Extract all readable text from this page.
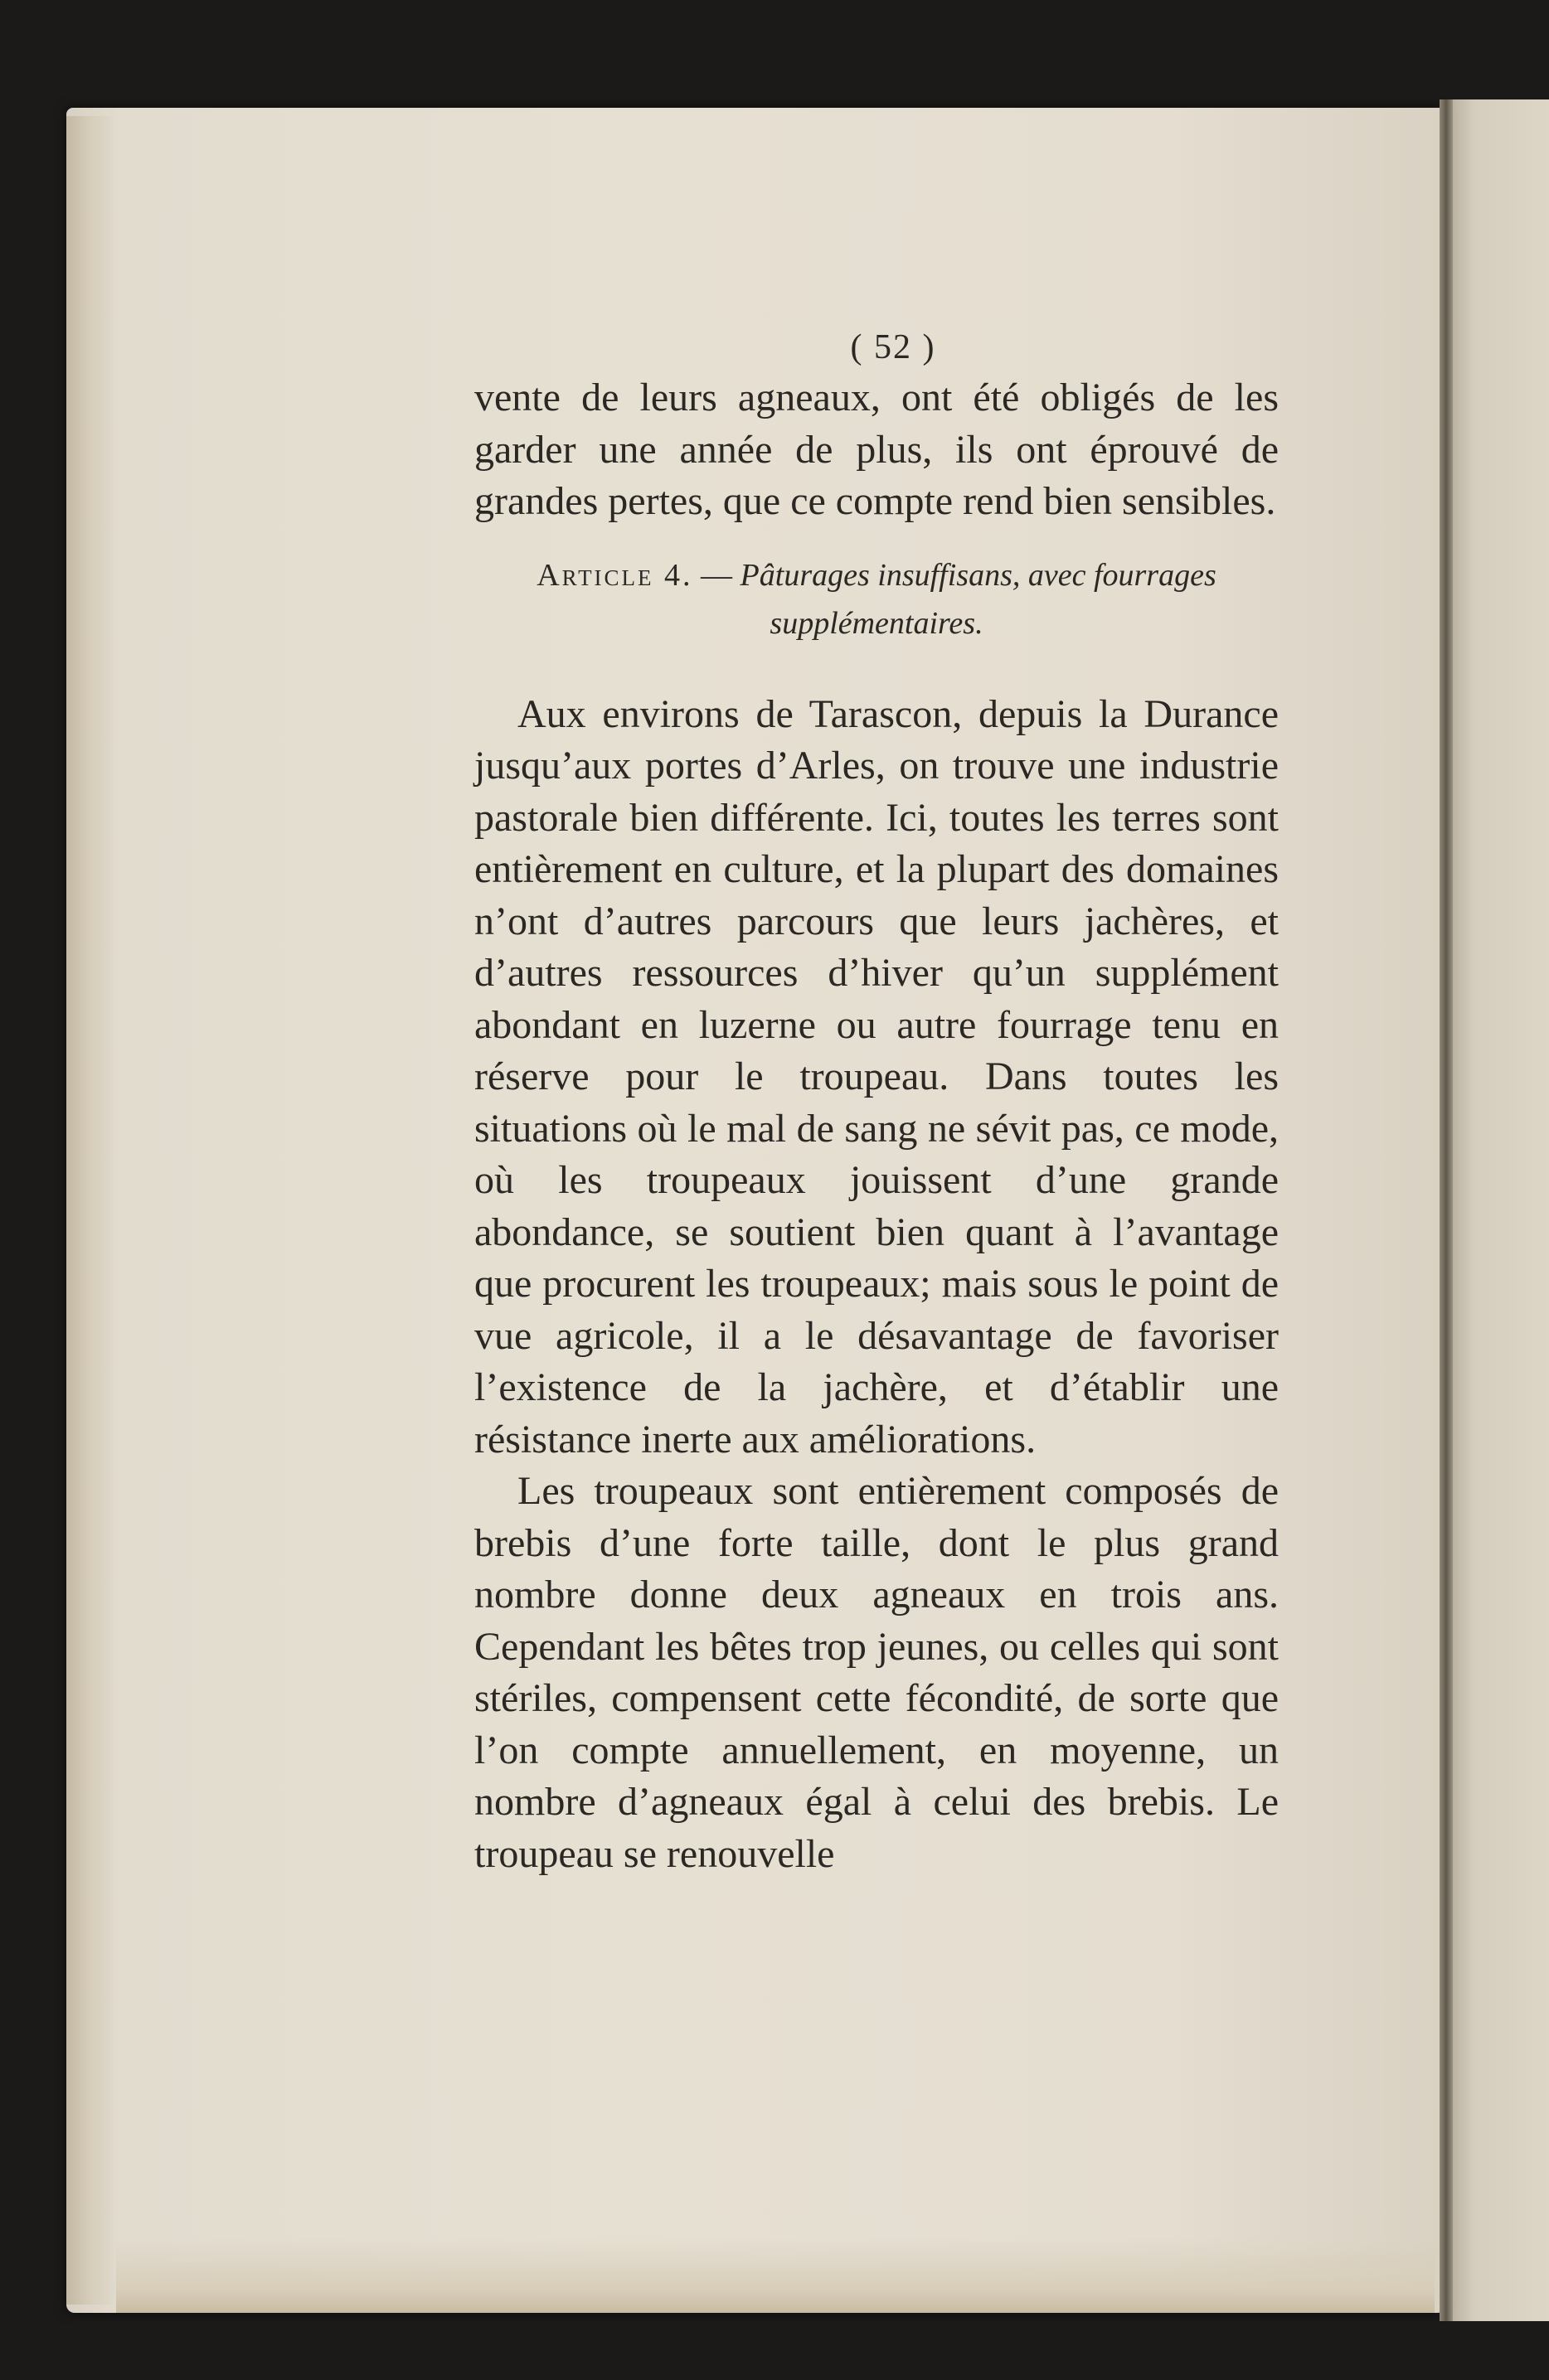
( 52 )

vente de leurs agneaux, ont été obligés de les garder une année de plus, ils ont éprouvé de grandes pertes, que ce compte rend bien sensibles.

Article 4. — Pâturages insuffisans, avec fourrages supplémentaires.

Aux environs de Tarascon, depuis la Durance jusqu’aux portes d’Arles, on trouve une industrie pastorale bien différente. Ici, toutes les terres sont entièrement en culture, et la plupart des domaines n’ont d’autres parcours que leurs jachères, et d’autres ressources d’hiver qu’un supplément abondant en luzerne ou autre fourrage tenu en réserve pour le troupeau. Dans toutes les situations où le mal de sang ne sévit pas, ce mode, où les troupeaux jouissent d’une grande abondance, se soutient bien quant à l’avantage que procurent les troupeaux; mais sous le point de vue agricole, il a le désavantage de favoriser l’existence de la jachère, et d’établir une résistance inerte aux améliorations.

Les troupeaux sont entièrement composés de brebis d’une forte taille, dont le plus grand nombre donne deux agneaux en trois ans. Cependant les bêtes trop jeunes, ou celles qui sont stériles, compensent cette fécondité, de sorte que l’on compte annuellement, en moyenne, un nombre d’agneaux égal à celui des brebis. Le troupeau se renouvelle
